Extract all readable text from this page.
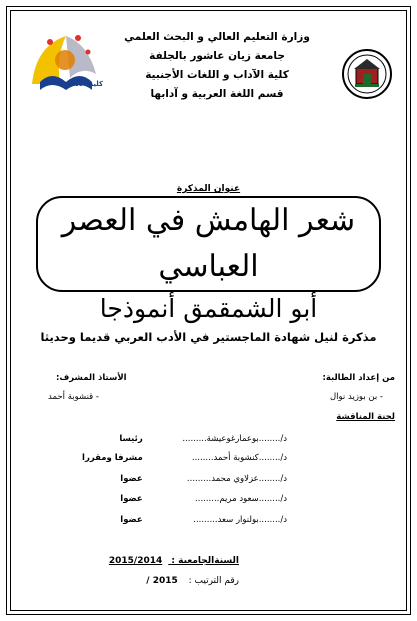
وزارة التعليم العالي و البحث العلمي
جامعة زيان عاشور بالجلفة
كلية الآداب و اللغات الأجنبية
قسم اللغة العربية و آدابها
كلية الآداب
عنوان المذكرة
شعر الهامش في العصر العباسي
أبو الشمقمق أنموذجا
مذكرة لنيل شهادة الماجستير في الأدب العربي قديما وحديثا
من إعداد الطالبة:
- بن بوزيد نوال
الأستاذ المشرف:
- قنشوبة أحمد
لجنة المناقشة
د/........بوعمارغوعيشة.........رئيسا
د/........كنشوبة أحمد........مشرفا ومقررا
د/........عزلاوي محمد.........عضوا
د/........سعود مريم.........عضوا
د/........بولنوار سعد.........عضوا
السنةالجامعية : 2015/2014
رقم الترتيب : 2015 /
